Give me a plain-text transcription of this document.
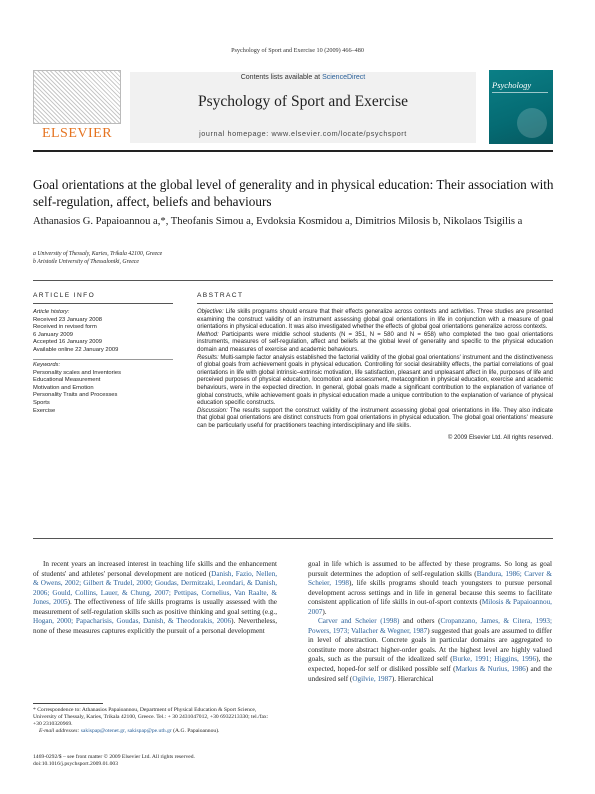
Psychology of Sport and Exercise 10 (2009) 466–480
ELSEVIER
Contents lists available at ScienceDirect
Psychology of Sport and Exercise
journal homepage: www.elsevier.com/locate/psychsport
Psychology
Goal orientations at the global level of generality and in physical education: Their association with self-regulation, affect, beliefs and behaviours
Athanasios G. Papaioannou a,*, Theofanis Simou a, Evdoksia Kosmidou a, Dimitrios Milosis b, Nikolaos Tsigilis a
a University of Thessaly, Karies, Trikala 42100, Greece
b Aristotle University of Thessaloniki, Greece
ARTICLE INFO	ABSTRACT
Article history:
Received 23 January 2008
Received in revised form
6 January 2009
Accepted 16 January 2009
Available online 22 January 2009
Keywords:
Personality scales and Inventories
Educational Measurement
Motivation and Emotion
Personality Traits and Processes
Sports
Exercise

Objective: Life skills programs should ensure that their effects generalize across contexts and activities. Three studies are presented examining the construct validity of an instrument assessing global goal orientations in life in conjunction with a measure of goal orientations in physical education. It was also investigated whether the effects of global goal orientations generalize across contexts.

Method: Participants were middle school students (N = 351, N = 580 and N = 658) who completed the two goal orientations instruments, measures of self-regulation, affect and beliefs at the global level of generality and specific to the physical education domain and measures of exercise and academic behaviours.

Results: Multi-sample factor analysis established the factorial validity of the global goal orientations' instrument and the distinctiveness of global goals from achievement goals in physical education. Controlling for social desirability effects, the partial correlations of goal orientations in life with global intrinsic–extrinsic motivation, life satisfaction, pleasant and unpleasant affect in life, purposes of life and perceived purposes of physical education, locomotion and assessment, metacognition in physical education, exercise and academic behaviours, were in the expected direction. In general, global goals made a significant contribution to the explanation of variance of global constructs, while achievement goals in physical education made a unique contribution to the explanation of variance of physical education specific constructs.

Discussion: The results support the construct validity of the instrument assessing global goal orientations in life. They also indicate that global goal orientations are distinct constructs from goal orientations in physical education. The global goal orientations' measure can be particularly useful for practitioners teaching interdisciplinary and life skills.

© 2009 Elsevier Ltd. All rights reserved.
In recent years an increased interest in teaching life skills and the enhancement of students' and athletes' personal development are noticed (Danish, Fazio, Nellen, & Owens, 2002; Gilbert & Trudel, 2000; Goudas, Dermitzaki, Leondari, & Danish, 2006; Gould, Collins, Lauer, & Chung, 2007; Pettipas, Cornelius, Van Raalte, & Jones, 2005). The effectiveness of life skills programs is usually assessed with the measurement of self-regulation skills such as positive thinking and goal setting (e.g., Hogan, 2000; Papacharisis, Goudas, Danish, & Theodorakis, 2006). Nevertheless, none of these measures captures explicitly the pursuit of a personal development
goal in life which is assumed to be affected by these programs. So long as goal pursuit determines the adoption of self-regulation skills (Bandura, 1986; Carver & Scheier, 1998), life skills programs should teach youngsters to pursue personal development across settings and in life in general because this seems to facilitate consistent application of life skills in out-of-sport contexts (Milosis & Papaioannou, 2007).
Carver and Scheier (1998) and others (Cropanzano, James, & Citera, 1993; Powers, 1973; Vallacher & Wegner, 1987) suggested that goals are assumed to differ in level of abstraction. Concrete goals in particular domains are aggregated to constitute more abstract higher-order goals. At the highest level are highly valued goals, such as the pursuit of the idealized self (Burke, 1991; Higgins, 1996), the expected, hoped-for self or disliked possible self (Markus & Nurius, 1986) and the undesired self (Ogilvie, 1987). Hierarchical
* Correspondence to: Athanasios Papaioannou, Department of Physical Education & Sport Science, University of Thessaly, Karies, Trikala 42100, Greece. Tel.: + 30 2431047012, +30 6932213330; tel./fax: +30 2310320969.
E-mail addresses: sakispap@otenet.gr, sakispap@pe.uth.gr (A.G. Papaioannou).
1469-0292/$ – see front matter © 2009 Elsevier Ltd. All rights reserved.
doi:10.1016/j.psychsport.2009.01.003
